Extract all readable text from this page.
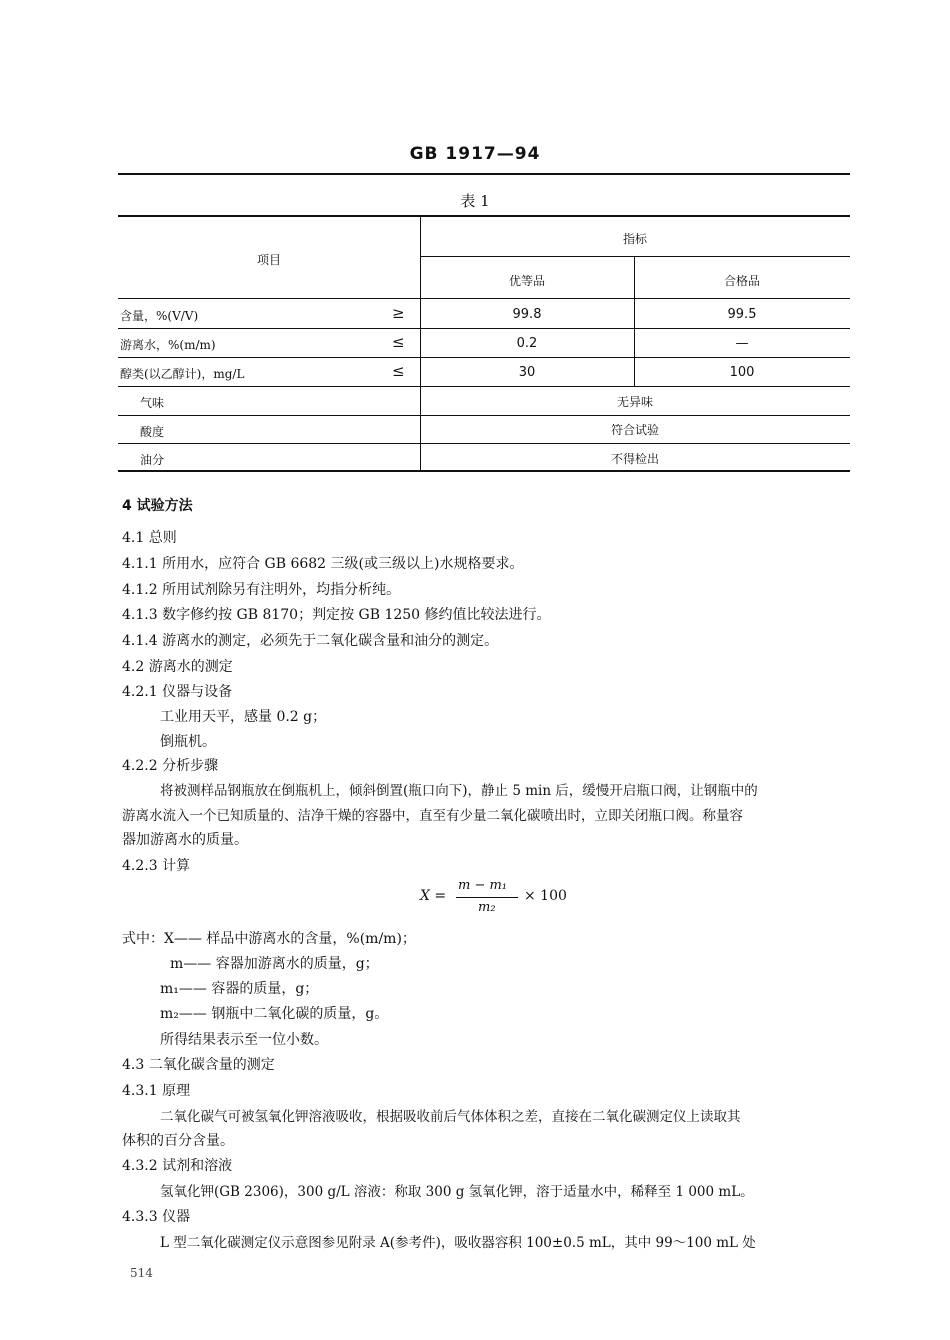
GB 1917—94
表 1
项目
指标
优等品	合格品
含量，%(V/V)	≥	99.8	99.5
游离水，%(m/m)	≤	0.2	—
醇类(以乙醇计)，mg/L	≤	30	100
气味	无异味
酸度	符合试验
油分	不得检出
4 试验方法
4.1 总则
4.1.1 所用水，应符合 GB 6682 三级(或三级以上)水规格要求。
4.1.2 所用试剂除另有注明外，均指分析纯。
4.1.3 数字修约按 GB 8170；判定按 GB 1250 修约值比较法进行。
4.1.4 游离水的测定，必须先于二氧化碳含量和油分的测定。
4.2 游离水的测定
4.2.1 仪器与设备
工业用天平，感量 0.2 g；
倒瓶机。
4.2.2 分析步骤
将被测样品钢瓶放在倒瓶机上，倾斜倒置(瓶口向下)，静止 5 min 后，缓慢开启瓶口阀，让钢瓶中的
游离水流入一个已知质量的、洁净干燥的容器中，直至有少量二氧化碳喷出时，立即关闭瓶口阀。称量容
器加游离水的质量。
4.2.3 计算
X =
m − m₁
m₂
× 100
式中：X—— 样品中游离水的含量，%(m/m)；
m—— 容器加游离水的质量，g；
m₁—— 容器的质量，g；
m₂—— 钢瓶中二氧化碳的质量，g。
所得结果表示至一位小数。
4.3 二氧化碳含量的测定
4.3.1 原理
二氧化碳气可被氢氧化钾溶液吸收，根据吸收前后气体体积之差，直接在二氧化碳测定仪上读取其
体积的百分含量。
4.3.2 试剂和溶液
氢氧化钾(GB 2306)，300 g/L 溶液：称取 300 g 氢氧化钾，溶于适量水中，稀释至 1 000 mL。
4.3.3 仪器
L 型二氧化碳测定仪示意图参见附录 A(参考件)，吸收器容积 100±0.5 mL，其中 99～100 mL 处
514
